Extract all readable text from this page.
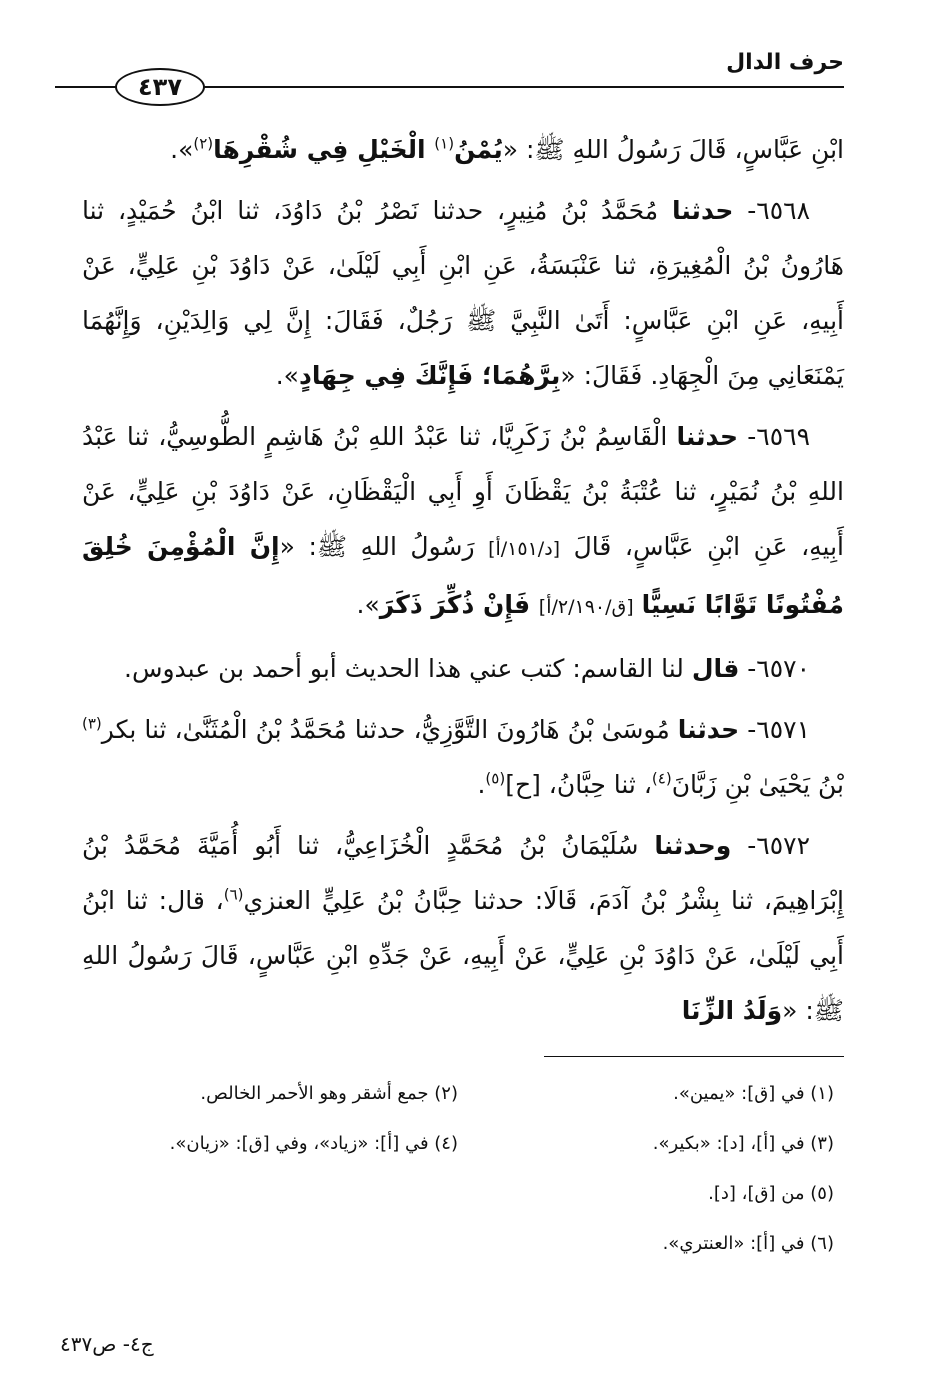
حرف الدال
٤٣٧

ابْنِ عَبَّاسٍ، قَالَ رَسُولُ اللهِ ﷺ: «يُمْنُ$^{(١)}$ الْخَيْلِ فِي شُقْرِهَا$^{(٢)}$».

٦٥٦٨- حدثنا مُحَمَّدُ بْنُ مُنِيرٍ، حدثنا نَصْرُ بْنُ دَاوُدَ، ثنا ابْنُ حُمَيْدٍ، ثنا هَارُونُ بْنُ الْمُغِيرَةِ، ثنا عَنْبَسَةُ، عَنِ ابْنِ أَبِي لَيْلَىٰ، عَنْ دَاوُدَ بْنِ عَلِيٍّ، عَنْ أَبِيهِ، عَنِ ابْنِ عَبَّاسٍ: أَتَىٰ النَّبِيَّ ﷺ رَجُلٌ، فَقَالَ: إِنَّ لِي وَالِدَيْنِ، وَإِنَّهُمَا يَمْنَعَانِي مِنَ الْجِهَادِ. فَقَالَ: «بِرَّهُمَا؛ فَإِنَّكَ فِي جِهَادٍ».

٦٥٦٩- حدثنا الْقَاسِمُ بْنُ زَكَرِيَّا، ثنا عَبْدُ اللهِ بْنُ هَاشِمٍ الطُّوسِيُّ، ثنا عَبْدُ اللهِ بْنُ نُمَيْرٍ، ثنا عُتْبَةُ بْنُ يَقْظَانَ أَوِ أَبِي الْيَقْظَانِ، عَنْ دَاوُدَ بْنِ عَلِيٍّ، عَنْ أَبِيهِ، عَنِ ابْنِ عَبَّاسٍ، قَالَ [د/١٥١/أ] رَسُولُ اللهِ ﷺ: «إِنَّ الْمُؤْمِنَ خُلِقَ مُفْتُونًا تَوَّابًا نَسِيًّا [ق/٢/١٩٠/أ] فَإِنْ ذُكِّرَ ذَكَرَ».

٦٥٧٠- قال لنا القاسم: كتب عني هذا الحديث أبو أحمد بن عبدوس.

٦٥٧١- حدثنا مُوسَىٰ بْنُ هَارُونَ التَّوَّزِيُّ، حدثنا مُحَمَّدُ بْنُ الْمُثَنَّىٰ، ثنا بكر$^{(٣)}$ بْنُ يَحْيَىٰ بْنِ زَبَّانَ$^{(٤)}$، ثنا حِبَّانُ، [ح]$^{(٥)}$.

٦٥٧٢- وحدثنا سُلَيْمَانُ بْنُ مُحَمَّدٍ الْخُزَاعِيُّ، ثنا أَبُو أُمَيَّةَ مُحَمَّدُ بْنُ إِبْرَاهِيمَ، ثنا بِشْرُ بْنُ آدَمَ، قَالَا: حدثنا حِبَّانُ بْنُ عَلِيٍّ العنزي$^{(٦)}$، قال: ثنا ابْنُ أَبِي لَيْلَىٰ، عَنْ دَاوُدَ بْنِ عَلِيٍّ، عَنْ أَبِيهِ، عَنْ جَدِّهِ ابْنِ عَبَّاسٍ، قَالَ رَسُولُ اللهِ ﷺ: «وَلَدُ الزِّنَا

(١) في [ق]: «يمين».
(٢) جمع أشقر وهو الأحمر الخالص.
(٣) في [أ]، [د]: «بكير».
(٤) في [أ]: «زياد»، وفي [ق]: «زيان».
(٥) من [ق]، [د].
(٦) في [أ]: «العنتري».
ج٤- ص٤٣٧
